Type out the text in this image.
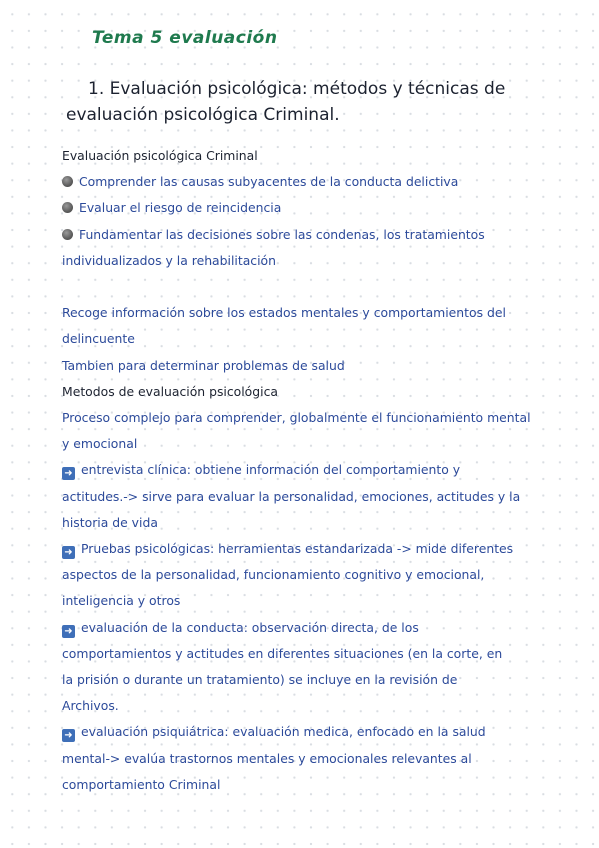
Tema 5 evaluación
1. Evaluación psicológica: métodos y técnicas de
evaluación psicológica Criminal.
Evaluación psicológica Criminal
Comprender las causas subyacentes de la conducta delictiva
Evaluar el riesgo de reincidencia
Fundamentar las decisiones sobre las condenas, los tratamientos
individualizados y la rehabilitación
Recoge información sobre los estados mentales y comportamientos del
delincuente
Tambien para determinar problemas de salud
Metodos de evaluación psicológica
Proceso complejo para comprender, globalmente el funcionamiento mental
y emocional
➜ entrevista clínica: obtiene información del comportamiento y
actitudes.-> sirve para evaluar la personalidad, emociones, actitudes y la
historia de vida
➜ Pruebas psicológicas: herramientas estandarizada -> mide diferentes
aspectos de la personalidad, funcionamiento cognitivo y emocional,
inteligencia y otros
➜ evaluación de la conducta: observación directa, de los
comportamientos y actitudes en diferentes situaciones (en la corte, en
la prisión o durante un tratamiento) se incluye en la revisión de
Archivos.
➜ evaluación psiquiátrica: evaluación medica, enfocado en la salud
mental-> evalúa trastornos mentales y emocionales relevantes al
comportamiento Criminal
